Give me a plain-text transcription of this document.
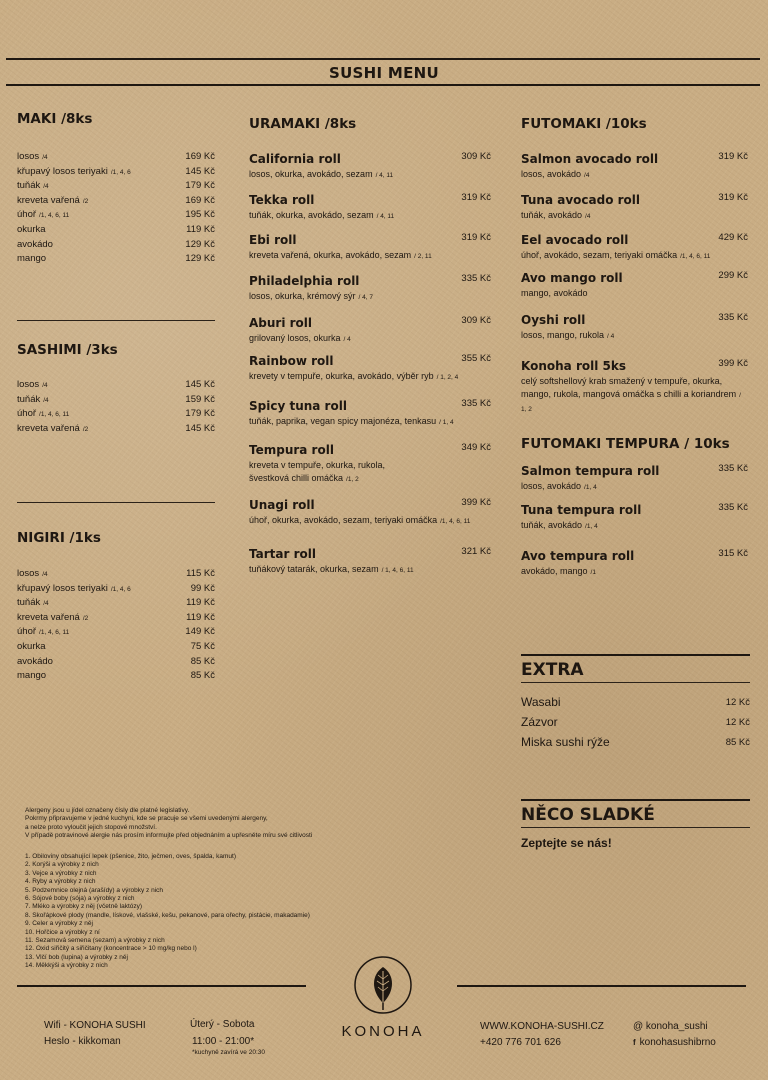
SUSHI MENU
MAKI /8ks
losos /4	169 Kč
křupavý losos teriyaki /1, 4, 6	145 Kč
tuňák /4	179 Kč
kreveta vařená /2	169 Kč
úhoř /1, 4, 6, 11	195 Kč
okurka	119 Kč
avokádo	129 Kč
mango	129 Kč
SASHIMI /3ks
losos /4	145 Kč
tuňák /4	159 Kč
úhoř /1, 4, 6, 11	179 Kč
kreveta vařená /2	145 Kč
NIGIRI /1ks
losos /4	115 Kč
křupavý losos teriyaki /1, 4, 6	99 Kč
tuňák /4	119 Kč
kreveta vařená /2	119 Kč
úhoř /1, 4, 6, 11	149 Kč
okurka	75 Kč
avokádo	85 Kč
mango	85 Kč
URAMAKI /8ks
California roll	309 Kč
losos, okurka, avokádo, sezam / 4, 11
Tekka roll	319 Kč
tuňák, okurka, avokádo, sezam / 4, 11
Ebi roll	319 Kč
kreveta vařená, okurka, avokádo, sezam / 2, 11
Philadelphia roll	335 Kč
losos, okurka, krémový sýr / 4, 7
Aburi roll	309 Kč
grilovaný losos, okurka / 4
Rainbow roll	355 Kč
krevety v tempuře, okurka, avokádo, výběr ryb / 1, 2, 4
Spicy tuna roll	335 Kč
tuňák, paprika, vegan spicy majonéza, tenkasu / 1, 4
Tempura roll	349 Kč
kreveta v tempuře, okurka, rukola,
švestková chilli omáčka /1, 2
Unagi roll	399 Kč
úhoř, okurka, avokádo, sezam, teriyaki omáčka /1, 4, 6, 11
Tartar roll	321 Kč
tuňákový tatarák, okurka, sezam / 1, 4, 6, 11
FUTOMAKI /10ks
Salmon avocado roll	319 Kč
losos, avokádo /4
Tuna avocado roll	319 Kč
tuňák, avokádo /4
Eel avocado roll	429 Kč
úhoř, avokádo, sezam, teriyaki omáčka /1, 4, 6, 11
Avo mango roll	299 Kč
mango, avokádo
Oyshi roll	335 Kč
losos, mango, rukola / 4
Konoha roll 5ks	399 Kč
celý softshellový krab smažený v tempuře, okurka,
mango, rukola, mangová omáčka s chilli a koriandrem / 1, 2
FUTOMAKI TEMPURA / 10ks
Salmon tempura roll	335 Kč
losos, avokádo /1, 4
Tuna tempura roll	335 Kč
tuňák, avokádo /1, 4
Avo tempura roll	315 Kč
avokádo, mango /1
EXTRA
Wasabi	12 Kč
Zázvor	12 Kč
Miska sushi rýže	85 Kč
NĚCO SLADKÉ
Zeptejte se nás!
Alergeny jsou u jídel označeny čísly dle platné legislativy.
Pokrmy připravujeme v jedné kuchyni, kde se pracuje se všemi uvedenými alergeny,
a nelze proto vyloučit jejich stopové množství.
V případě potravinové alergie nás prosím informujte před objednáním a upřesněte míru své citlivosti
1. Obiloviny obsahující lepek (pšenice, žito, ječmen, oves, špalda, kamut)
2. Korýši a výrobky z nich
3. Vejce a výrobky z nich
4. Ryby a výrobky z nich
5. Podzemnice olejná (arašídy) a výrobky z nich
6. Sójové boby (sója) a výrobky z nich
7. Mléko a výrobky z něj (včetně laktózy)
8. Skořápkové plody (mandle, lískové, vlašské, kešu, pekanové, para ořechy, pistácie, makadamie)
9. Celer a výrobky z něj
10. Hořčice a výrobky z ní
11. Sezamová semena (sezam) a výrobky z nich
12. Oxid siřičitý a siřičitany (koncentrace > 10 mg/kg nebo l)
13. Vlčí bob (lupina) a výrobky z něj
14. Měkkýši a výrobky z nich
KONOHA
Wifi - KONOHA SUSHI
Heslo - kikkoman
Úterý - Sobota
11:00 - 21:00*
*kuchyně zavírá ve 20:30
WWW.KONOHA-SUSHI.CZ
+420 776 701 626
@ konoha_sushi
f konohasushibrno
